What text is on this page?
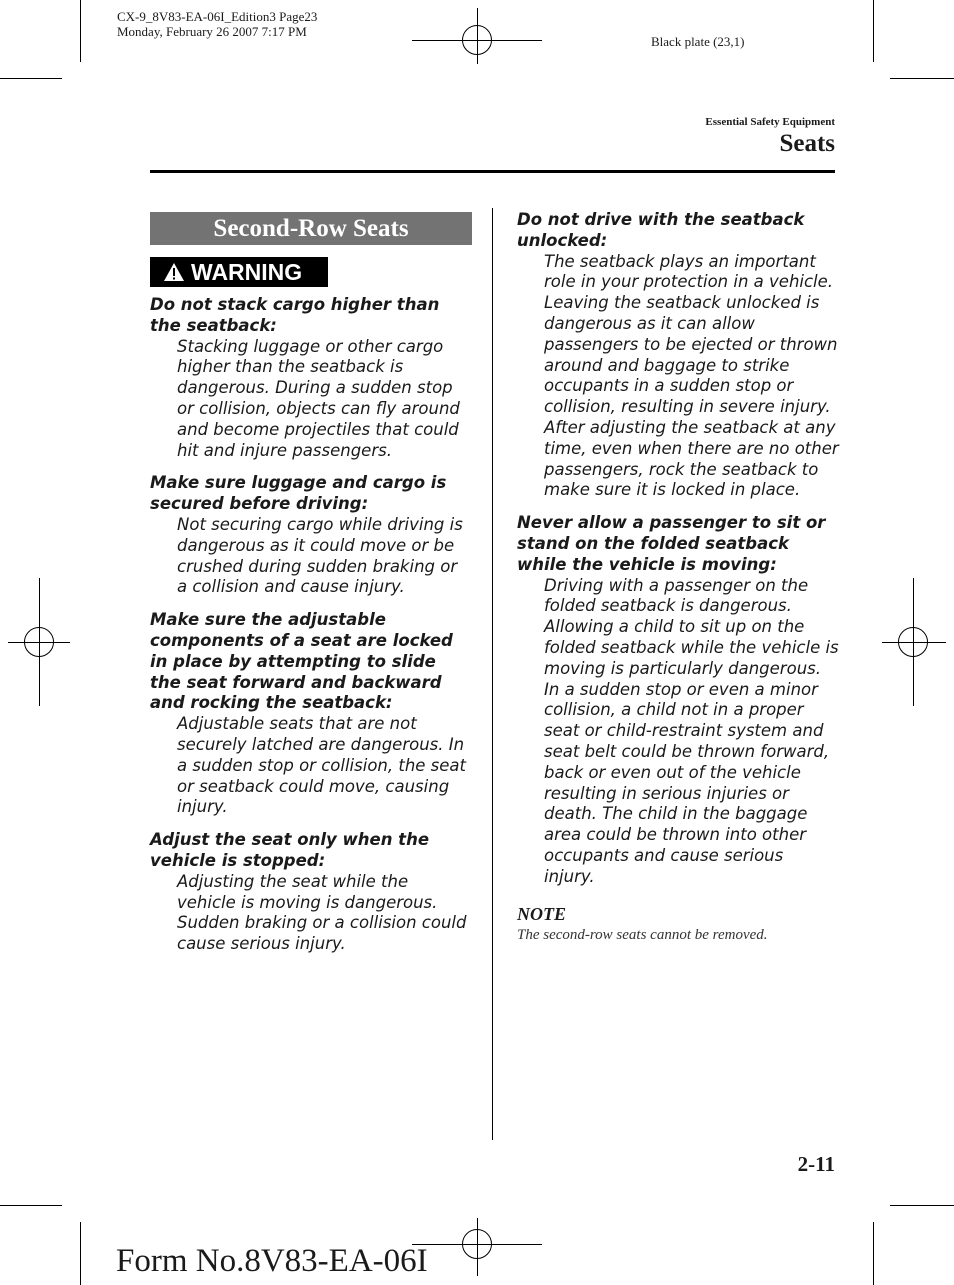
CX-9_8V83-EA-06I_Edition3 Page23
Monday, February 26 2007 7:17 PM
Black plate (23,1)
Essential Safety Equipment
Seats
Second-Row Seats
WARNING
Do not stack cargo higher than the seatback:
Stacking luggage or other cargo higher than the seatback is dangerous. During a sudden stop or collision, objects can fly around and become projectiles that could hit and injure passengers.
Make sure luggage and cargo is secured before driving:
Not securing cargo while driving is dangerous as it could move or be crushed during sudden braking or a collision and cause injury.
Make sure the adjustable components of a seat are locked in place by attempting to slide the seat forward and backward and rocking the seatback:
Adjustable seats that are not securely latched are dangerous. In a sudden stop or collision, the seat or seatback could move, causing injury.
Adjust the seat only when the vehicle is stopped:
Adjusting the seat while the vehicle is moving is dangerous. Sudden braking or a collision could cause serious injury.
Do not drive with the seatback unlocked:
The seatback plays an important role in your protection in a vehicle. Leaving the seatback unlocked is dangerous as it can allow passengers to be ejected or thrown around and baggage to strike occupants in a sudden stop or collision, resulting in severe injury. After adjusting the seatback at any time, even when there are no other passengers, rock the seatback to make sure it is locked in place.
Never allow a passenger to sit or stand on the folded seatback while the vehicle is moving:
Driving with a passenger on the folded seatback is dangerous. Allowing a child to sit up on the folded seatback while the vehicle is moving is particularly dangerous. In a sudden stop or even a minor collision, a child not in a proper seat or child-restraint system and seat belt could be thrown forward, back or even out of the vehicle resulting in serious injuries or death. The child in the baggage area could be thrown into other occupants and cause serious injury.
NOTE
The second-row seats cannot be removed.
2-11
Form No.8V83-EA-06I
